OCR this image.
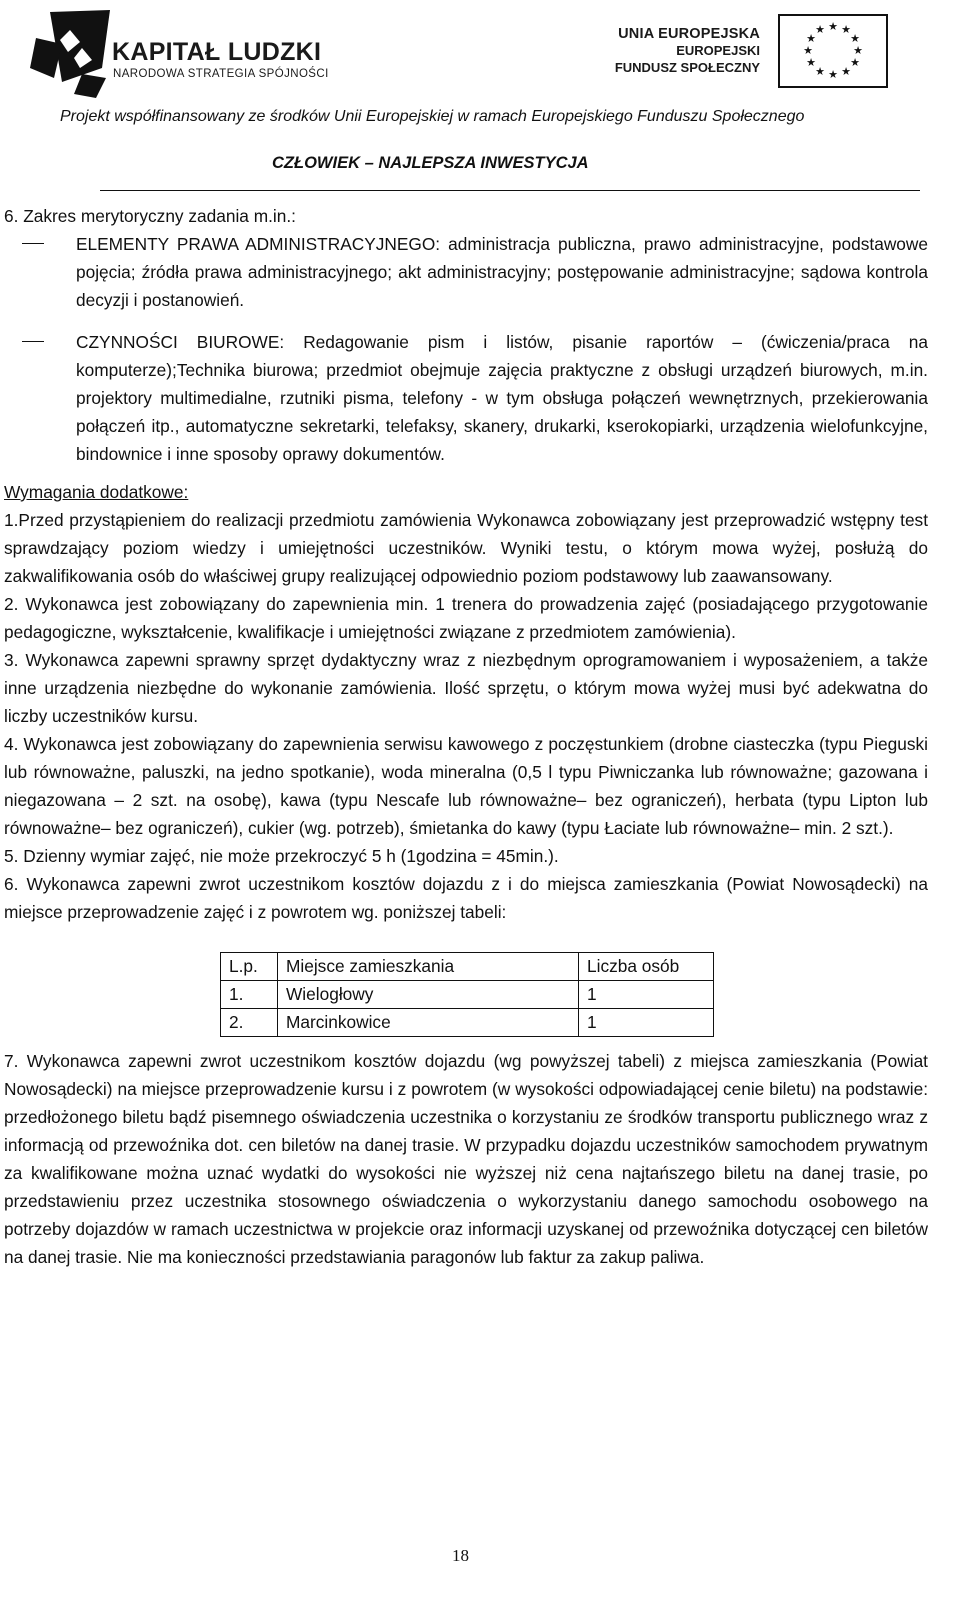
KAPITAŁ LUDZKI
NARODOWA STRATEGIA SPÓJNOŚCI
UNIA EUROPEJSKA
EUROPEJSKI
FUNDUSZ SPOŁECZNY
★ ★
★
★
★
★
★
★
★
★
★
★
Projekt współfinansowany ze środków Unii Europejskiej w ramach Europejskiego Funduszu Społecznego
CZŁOWIEK – NAJLEPSZA INWESTYCJA

6. Zakres merytoryczny zadania m.in.:

ELEMENTY PRAWA ADMINISTRACYJNEGO: administracja publiczna, prawo administracyjne, podstawowe pojęcia; źródła prawa administracyjnego; akt administracyjny; postępowanie administracyjne; sądowa kontrola decyzji i postanowień.

CZYNNOŚCI BIUROWE: Redagowanie pism i listów, pisanie raportów – (ćwiczenia/praca na komputerze);Technika biurowa; przedmiot obejmuje zajęcia praktyczne z obsługi urządzeń biurowych, m.in. projektory multimedialne, rzutniki pisma, telefony - w tym obsługa połączeń wewnętrznych, przekierowania połączeń itp., automatyczne sekretarki, telefaksy, skanery, drukarki, kserokopiarki, urządzenia wielofunkcyjne, bindownice i inne sposoby oprawy dokumentów.

Wymagania dodatkowe:

1.Przed przystąpieniem do realizacji przedmiotu zamówienia Wykonawca zobowiązany jest przeprowadzić wstępny test sprawdzający poziom wiedzy i umiejętności uczestników. Wyniki testu, o którym mowa wyżej, posłużą do zakwalifikowania osób do właściwej grupy realizującej odpowiednio poziom podstawowy lub zaawansowany.

2. Wykonawca jest zobowiązany do zapewnienia min. 1 trenera do prowadzenia zajęć (posiadającego przygotowanie pedagogiczne, wykształcenie, kwalifikacje i umiejętności związane z przedmiotem zamówienia).

3. Wykonawca zapewni sprawny sprzęt dydaktyczny wraz z niezbędnym oprogramowaniem i wyposażeniem, a także inne urządzenia niezbędne do wykonanie zamówienia. Ilość sprzętu, o którym mowa wyżej musi być adekwatna do liczby uczestników kursu.

4. Wykonawca jest zobowiązany do zapewnienia serwisu kawowego z poczęstunkiem (drobne ciasteczka (typu Pieguski lub równoważne, paluszki, na jedno spotkanie), woda mineralna (0,5 l typu Piwniczanka lub równoważne; gazowana i niegazowana – 2 szt. na osobę), kawa (typu Nescafe lub równoważne– bez ograniczeń), herbata (typu Lipton lub równoważne– bez ograniczeń), cukier (wg. potrzeb), śmietanka do kawy (typu Łaciate lub równoważne– min. 2 szt.).

5. Dzienny wymiar zajęć, nie może przekroczyć 5 h (1godzina = 45min.).

6. Wykonawca zapewni zwrot uczestnikom kosztów dojazdu z i do miejsca zamieszkania (Powiat Nowosądecki) na miejsce przeprowadzenie zajęć i z powrotem wg. poniższej tabeli:

L.p.	Miejsce zamieszkania	Liczba osób
1.	Wielogłowy	1
2.	Marcinkowice	1

7. Wykonawca zapewni zwrot uczestnikom kosztów dojazdu (wg powyższej tabeli) z miejsca zamieszkania (Powiat Nowosądecki) na miejsce przeprowadzenie kursu i z powrotem (w wysokości odpowiadającej cenie biletu) na podstawie: przedłożonego biletu bądź pisemnego oświadczenia uczestnika o korzystaniu ze środków transportu publicznego wraz z informacją od przewoźnika dot. cen biletów na danej trasie. W przypadku dojazdu uczestników samochodem prywatnym za kwalifikowane można uznać wydatki do wysokości nie wyższej niż cena najtańszego biletu na danej trasie, po przedstawieniu przez uczestnika stosownego oświadczenia o wykorzystaniu danego samochodu osobowego na potrzeby dojazdów w ramach uczestnictwa w projekcie oraz informacji uzyskanej od przewoźnika dotyczącej cen biletów na danej trasie. Nie ma konieczności przedstawiania paragonów lub faktur za zakup paliwa.

18
